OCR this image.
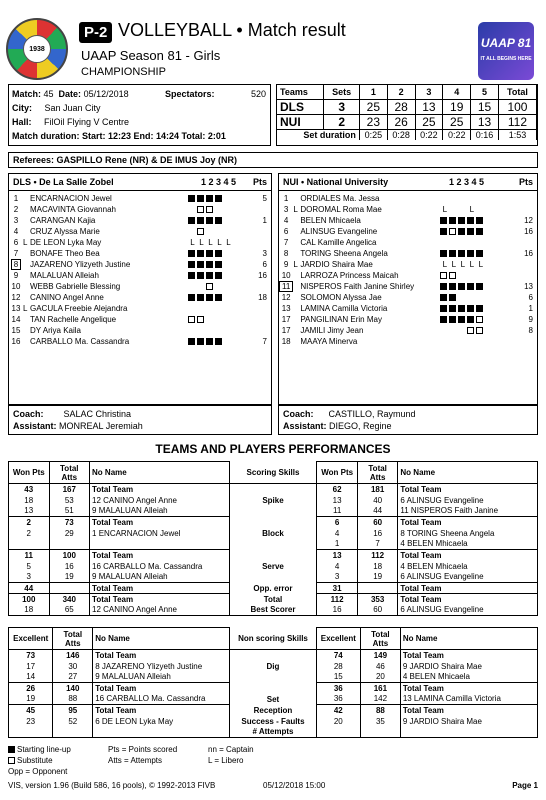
1938
P-2 VOLLEYBALL • Match result
UAAP Season 81 - Girls
CHAMPIONSHIP
UAAP 81
IT ALL BEGINS HERE
Match: 45 Date: 05/12/2018	Spectators:	520
City: San Juan City
Hall: FilOil Flying V Centre
Match duration: Start: 12:23 End: 14:24 Total: 2:01
Teams	Sets	1	2	3	4	5	Total
DLS	3	25	28	13	19	15	100
NUI	2	23	26	25	25	13	112
Set duration		0:25	0:28	0:22	0:22	0:16	1:53
Referees: GASPILLO Rene (NR) & DE IMUS Joy (NR)
DLS • De La Salle Zobel	1 2 3 4 5 Pts
1		ENCARNACION Jewel		5
2		MACAVINTA Giovannah		
3		CARANGAN Kajia		1
4		CRUZ Alyssa Marie		
6	L	DE LEON Lyka May	L L L L L	
7		BONAFE Theo Bea		3
8		JAZARENO Ylizyeth Justine		6
9		MALALUAN Alleiah		16
10		WEBB Gabrielle Blessing		
12		CANINO Angel Anne		18
13	L	GACULA Freebie Alejandra		
14		TAN Rachelle Angelique		
15		DY Ariya Kaila		
16		CARBALLO Ma. Cassandra		7
NUI • National University	1 2 3 4 5	Pts
1		ORDIALES Ma. Jessa		
3	L	DOROMAL Roma Mae	L L	
4		BELEN Mhicaela		12
6		ALINSUG Evangeline		16
7		CAL Kamille Angelica		
8		TORING Sheena Angela		16
9	L	JARDIO Shaira Mae	L L L L L	
10		LARROZA Princess Maicah		
11		NISPEROS Faith Janine Shirley		13
12		SOLOMON Alyssa Jae		6
13		LAMINA Camilla Victoria		1
17		PANGILINAN Erin May		9
17		JAMILI Jimy Jean		8
18		MAAYA Minerva		
Coach: SALAC Christina
Assistant: MONREAL Jeremiah
Coach: CASTILLO, Raymund
Assistant: DIEGO, Regine
TEAMS AND PLAYERS PERFORMANCES
Won Pts	Total Atts	No Name	Scoring Skills	Won Pts	Total Atts	No Name
43	167	Total Team		62	181	Total Team
18	53	12 CANINO Angel Anne	Spike	13	40	6 ALINSUG Evangeline
13	51	9 MALALUAN Alleiah		11	44	11 NISPEROS Faith Janine
2	73	Total Team		6	60	Total Team
2	29	1 ENCARNACION Jewel	Block	4	16	8 TORING Sheena Angela
				1	7	4 BELEN Mhicaela
11	100	Total Team		13	112	Total Team
5	16	16 CARBALLO Ma. Cassandra	Serve	4	18	4 BELEN Mhicaela
3	19	9 MALALUAN Alleiah		3	19	6 ALINSUG Evangeline
44		Total Team	Opp. error	31		Total Team
100	340	Total Team	Total	112	353	Total Team
18	65	12 CANINO Angel Anne	Best Scorer	16	60	6 ALINSUG Evangeline
Excellent	Total Atts	No Name	Non scoring Skills	Excellent	Total Atts	No Name
73	146	Total Team		74	149	Total Team
17	30	8 JAZARENO Ylizyeth Justine	Dig	28	46	9 JARDIO Shaira Mae
14	27	9 MALALUAN Alleiah		15	20	4 BELEN Mhicaela
26	140	Total Team		36	161	Total Team
19	88	16 CARBALLO Ma. Cassandra	Set	36	142	13 LAMINA Camilla Victoria
45	95	Total Team	Reception	42	88	Total Team
23	52	6 DE LEON Lyka May	Success - Faults	20	35	9 JARDIO Shaira Mae
			# Attempts			
Starting line-up
Substitute
Opp = Opponent
Pts = Points scored
Atts = Attempts
nn = Captain
L = Libero
VIS, version 1.96 (Build 586, 16 pools), © 1992-2013 FIVB	05/12/2018 15:00	Page 1
